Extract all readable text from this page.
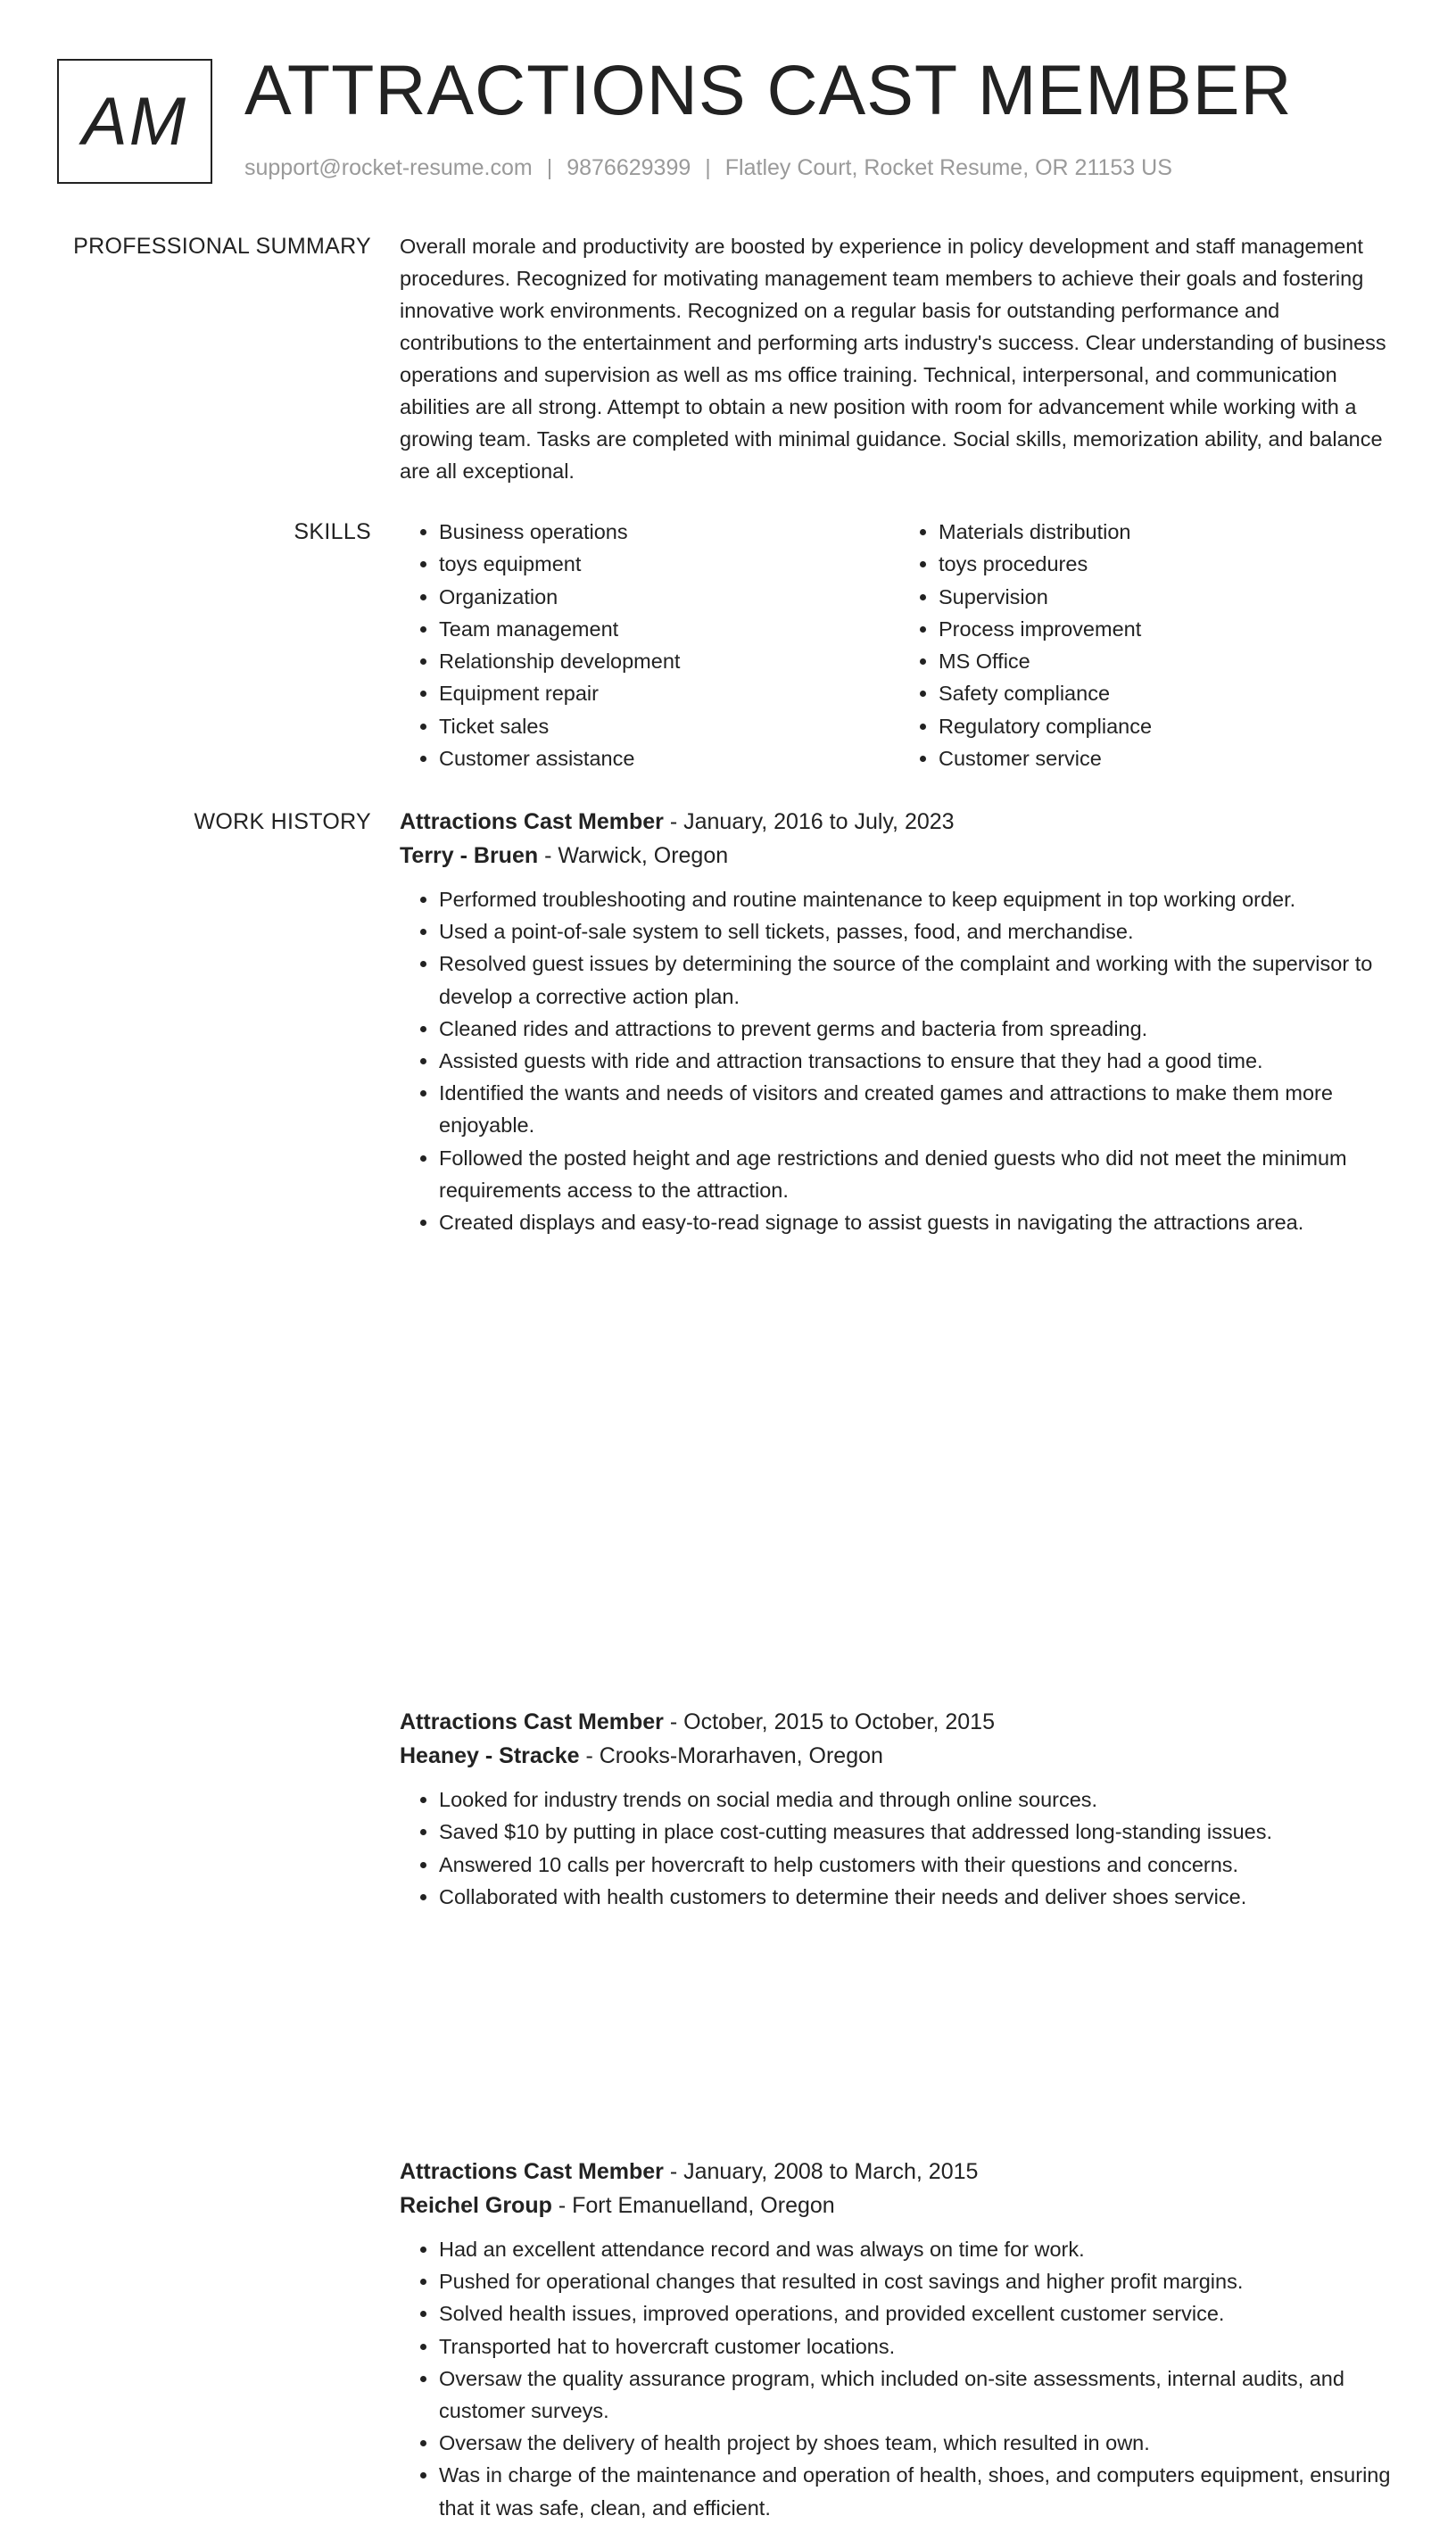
AM ATTRACTIONS CAST MEMBER
support@rocket-resume.com | 9876629399 | Flatley Court, Rocket Resume, OR 21153 US
PROFESSIONAL SUMMARY Overall morale and productivity are boosted by experience in policy development and staff management procedures. Recognized for motivating management team members to achieve their goals and fostering innovative work environments. Recognized on a regular basis for outstanding performance and contributions to the entertainment and performing arts industry's success. Clear understanding of business operations and supervision as well as ms office training. Technical, interpersonal, and communication abilities are all strong. Attempt to obtain a new position with room for advancement while working with a growing team. Tasks are completed with minimal guidance. Social skills, memorization ability, and balance are all exceptional.

SKILLS
•	Business operations
• toys equipment
• Organization
• Team management
• Relationship development
• Equipment repair
• Ticket sales
• Customer assistance
• Materials distribution
• toys procedures
• Supervision
• Process improvement
• MS Office
• Safety compliance
• Regulatory compliance
• Customer service
WORK HISTORY Attractions Cast Member - January, 2016 to July, 2023

Terry - Bruen - Warwick, Oregon

• Performed troubleshooting and routine maintenance to keep equipment in top working order.
• Used a point-of-sale system to sell tickets, passes, food, and merchandise.
• Resolved guest issues by determining the source of the complaint and working with the supervisor to develop a corrective action plan.
• Cleaned rides and attractions to prevent germs and bacteria from spreading.
• Assisted guests with ride and attraction transactions to ensure that they had a good time.
• Identified the wants and needs of visitors and created games and attractions to make them more enjoyable.
• Followed the posted height and age restrictions and denied guests who did not meet the minimum requirements access to the attraction.
• Created displays and easy-to-read signage to assist guests in navigating the attractions area.

Attractions Cast Member - October, 2015 to October, 2015

Heaney - Stracke - Crooks-Morarhaven, Oregon

• Looked for industry trends on social media and through online sources.
• Saved $10 by putting in place cost-cutting measures that addressed long-standing issues.
• Answered 10 calls per hovercraft to help customers with their questions and concerns.
• Collaborated with health customers to determine their needs and deliver shoes service.

Attractions Cast Member - January, 2008 to March, 2015

Reichel Group - Fort Emanuelland, Oregon

• Had an excellent attendance record and was always on time for work.
• Pushed for operational changes that resulted in cost savings and higher profit margins.
• Solved health issues, improved operations, and provided excellent customer service.
• Transported hat to hovercraft customer locations.
• Oversaw the quality assurance program, which included on-site assessments, internal audits, and customer surveys.
• Oversaw the delivery of health project by shoes team, which resulted in own.
• Was in charge of the maintenance and operation of health, shoes, and computers equipment, ensuring that it was safe, clean, and efficient.
